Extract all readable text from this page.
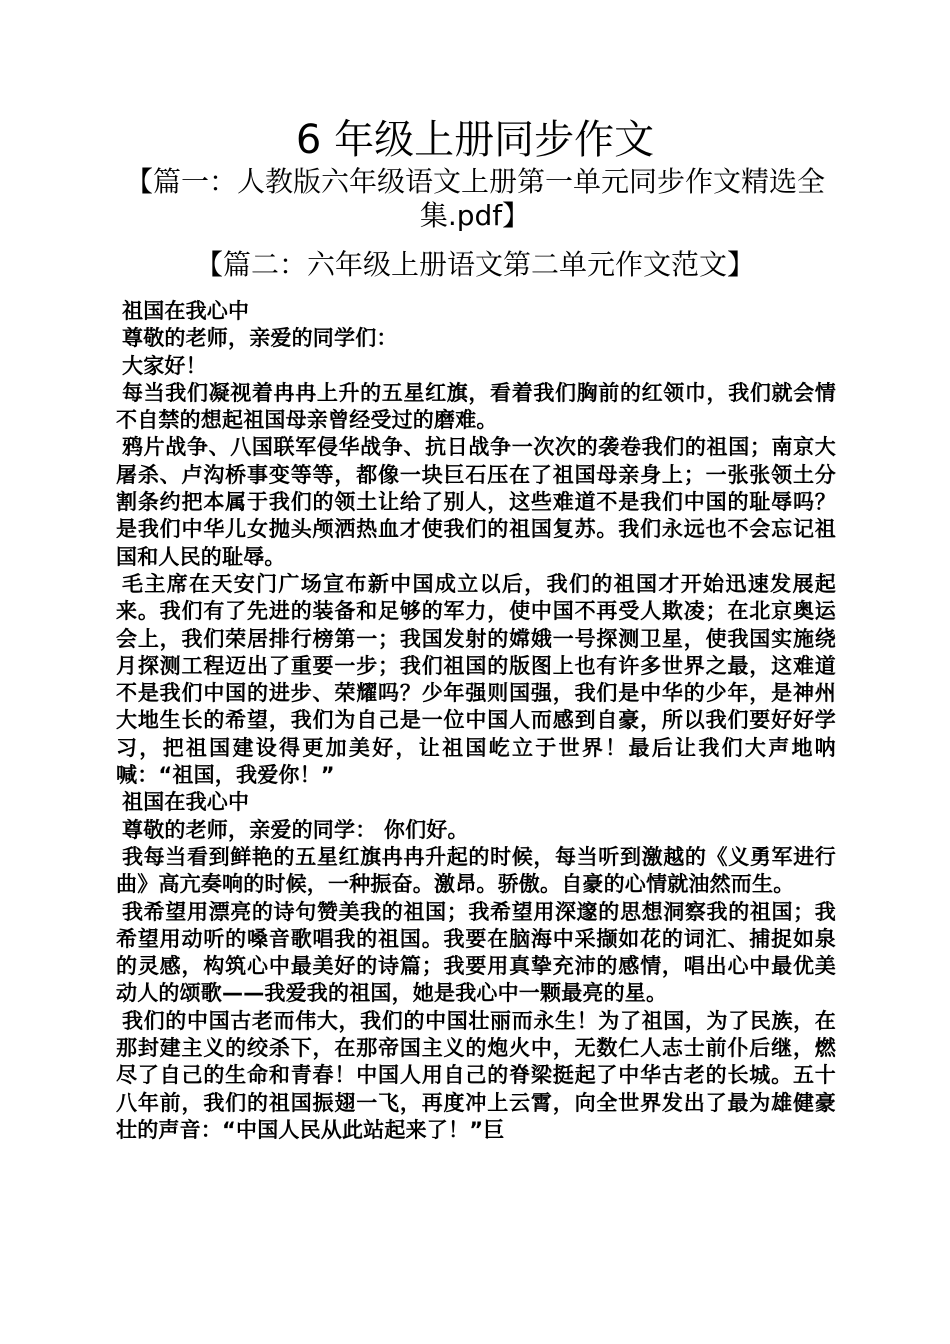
6 年级上册同步作文
【篇一：人教版六年级语文上册第一单元同步作文精选全集.pdf】
【篇二：六年级上册语文第二单元作文范文】

祖国在我心中

尊敬的老师，亲爱的同学们：

大家好！

每当我们凝视着冉冉上升的五星红旗，看着我们胸前的红领巾，我们就会情不自禁的想起祖国母亲曾经受过的磨难。

鸦片战争、八国联军侵华战争、抗日战争一次次的袭卷我们的祖国；南京大屠杀、卢沟桥事变等等，都像一块巨石压在了祖国母亲身上；一张张领土分割条约把本属于我们的领土让给了别人，这些难道不是我们中国的耻辱吗？是我们中华儿女抛头颅洒热血才使我们的祖国复苏。我们永远也不会忘记祖国和人民的耻辱。

毛主席在天安门广场宣布新中国成立以后，我们的祖国才开始迅速发展起来。我们有了先进的装备和足够的军力，使中国不再受人欺凌；在北京奥运会上，我们荣居排行榜第一；我国发射的嫦娥一号探测卫星，使我国实施绕月探测工程迈出了重要一步；我们祖国的版图上也有许多世界之最，这难道不是我们中国的进步、荣耀吗？少年强则国强，我们是中华的少年，是神州大地生长的希望，我们为自己是一位中国人而感到自豪，所以我们要好好学习，把祖国建设得更加美好，让祖国屹立于世界！最后让我们大声地呐喊：“祖国，我爱你！”

祖国在我心中

尊敬的老师，亲爱的同学： 你们好。

我每当看到鲜艳的五星红旗冉冉升起的时候，每当听到激越的《义勇军进行曲》高亢奏响的时候，一种振奋。激昂。骄傲。自豪的心情就油然而生。

我希望用漂亮的诗句赞美我的祖国；我希望用深邃的思想洞察我的祖国；我希望用动听的嗓音歌唱我的祖国。我要在脑海中采撷如花的词汇、捕捉如泉的灵感，构筑心中最美好的诗篇；我要用真挚充沛的感情，唱出心中最优美动人的颂歌——我爱我的祖国，她是我心中一颗最亮的星。

我们的中国古老而伟大，我们的中国壮丽而永生！为了祖国，为了民族，在那封建主义的绞杀下，在那帝国主义的炮火中，无数仁人志士前仆后继，燃尽了自己的生命和青春！中国人用自己的脊梁挺起了中华古老的长城。五十八年前，我们的祖国振翅一飞，再度冲上云霄，向全世界发出了最为雄健豪壮的声音：“中国人民从此站起来了！”巨
